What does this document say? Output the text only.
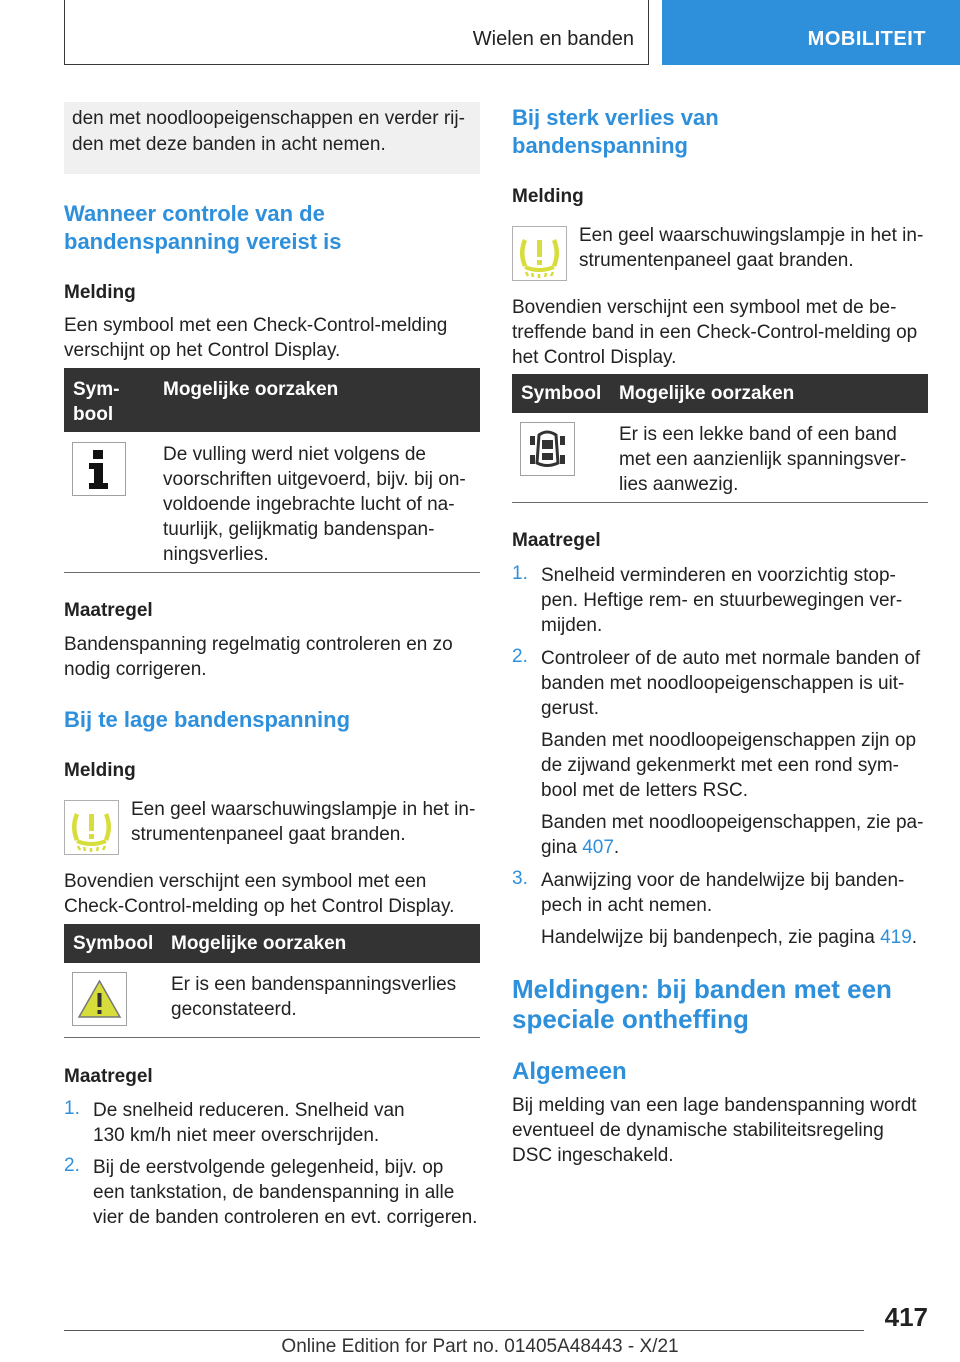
Wielen en banden	MOBILITEIT
den met noodloopeigenschappen en verder rij-
den met deze banden in acht nemen.
Wanneer controle van de
bandenspanning vereist is
Melding
Een symbool met een Check-Control-melding
verschijnt op het Control Display.
Sym-
bool
Mogelijke oorzaken
De vulling werd niet volgens de
voorschriften uitgevoerd, bijv. bij on-
voldoende ingebrachte lucht of na-
tuurlijk, gelijkmatig bandenspan-
ningsverlies.
Maatregel
Bandenspanning regelmatig controleren en zo
nodig corrigeren.
Bij te lage bandenspanning
Melding
Een geel waarschuwingslampje in het in-
strumentenpaneel gaat branden.
Bovendien verschijnt een symbool met een
Check-Control-melding op het Control Display.
Symbool Mogelijke oorzaken
Er is een bandenspanningsverlies
geconstateerd.
Maatregel
1. De snelheid reduceren. Snelheid van
130 km/h niet meer overschrijden.
2. Bij de eerstvolgende gelegenheid, bijv. op
een tankstation, de bandenspanning in alle
vier de banden controleren en evt. corrigeren.
Bij sterk verlies van
bandenspanning
Melding
Een geel waarschuwingslampje in het in-
strumentenpaneel gaat branden.
Bovendien verschijnt een symbool met de be-
treffende band in een Check-Control-melding op
het Control Display.
Symbool Mogelijke oorzaken
Er is een lekke band of een band
met een aanzienlijk spanningsver-
lies aanwezig.
Maatregel
1. Snelheid verminderen en voorzichtig stop-
pen. Heftige rem- en stuurbewegingen ver-
mijden.
2. Controleer of de auto met normale banden of
banden met noodloopeigenschappen is uit-
gerust.
Banden met noodloopeigenschappen zijn op
de zijwand gekenmerkt met een rond sym-
bool met de letters RSC.
Banden met noodloopeigenschappen, zie pa-
gina 407.
3. Aanwijzing voor de handelwijze bij banden-
pech in acht nemen.
Handelwijze bij bandenpech, zie pagina 419.
Meldingen: bij banden met een
speciale ontheffing
Algemeen
Bij melding van een lage bandenspanning wordt
eventueel de dynamische stabiliteitsregeling
DSC ingeschakeld.
417
Online Edition for Part no. 01405A48443 - X/21
